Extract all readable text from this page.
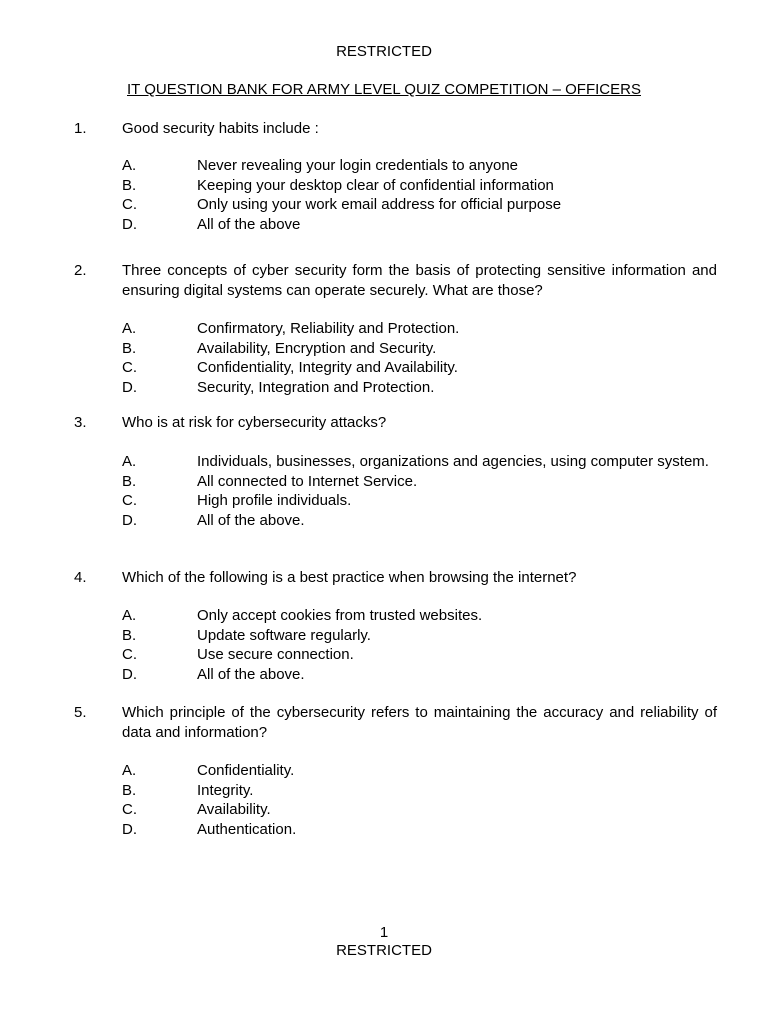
RESTRICTED
IT QUESTION BANK FOR ARMY LEVEL QUIZ COMPETITION – OFFICERS
1.	Good security habits include :
A.	Never revealing your login credentials to anyone
B.	Keeping your desktop clear of confidential information
C.	Only using your work email address for official purpose
D.	All of the above
2.	Three concepts of cyber security form the basis of protecting sensitive information and ensuring digital systems can operate securely. What are those?
A.	Confirmatory, Reliability and Protection.
B.	Availability, Encryption and Security.
C.	Confidentiality, Integrity and Availability.
D.	Security, Integration and Protection.
3.	Who is at risk for cybersecurity attacks?
A.	Individuals, businesses, organizations and agencies, using computer system.
B.	All connected to Internet Service.
C.	High profile individuals.
D.	All of the above.
4.	Which of the following is a best practice when browsing the internet?
A.	Only accept cookies from trusted websites.
B.	Update software regularly.
C.	Use secure connection.
D.	All of the above.
5.	Which principle of the cybersecurity refers to maintaining the accuracy and reliability of data and information?
A.	Confidentiality.
B.	Integrity.
C.	Availability.
D.	Authentication.
1
RESTRICTED
